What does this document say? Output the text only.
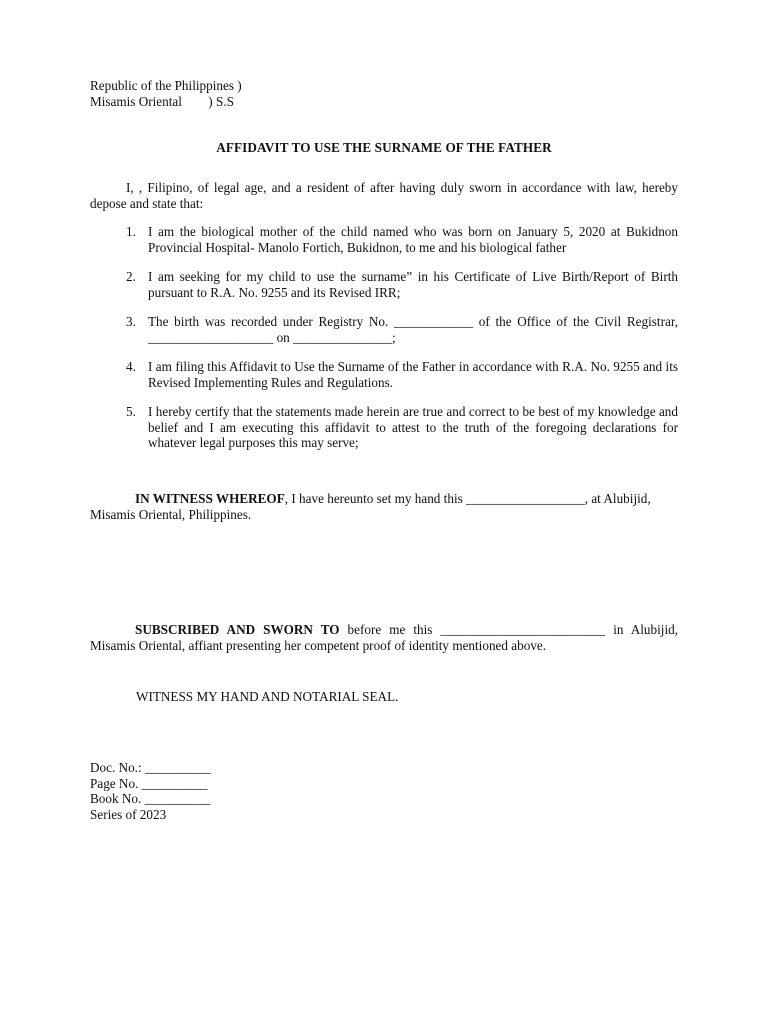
Republic of the Philippines )

Misamis Oriental        ) S.S

AFFIDAVIT TO USE THE SURNAME OF THE FATHER

I, , Filipino, of legal age, and a resident of after having duly sworn in accordance with law, hereby depose and state that:

1. I am the biological mother of the child named who was born on January 5, 2020 at Bukidnon Provincial Hospital- Manolo Fortich, Bukidnon, to me and his biological father
2. I am seeking for my child to use the surname” in his Certificate of Live Birth/Report of Birth pursuant to R.A. No. 9255 and its Revised IRR;
3. The birth was recorded under Registry No. ____________ of the Office of the Civil Registrar, ___________________ on _______________;
4. I am filing this Affidavit to Use the Surname of the Father in accordance with R.A. No. 9255 and its Revised Implementing Rules and Regulations.
5. I hereby certify that the statements made herein are true and correct to be best of my knowledge and belief and I am executing this affidavit to attest to the truth of the foregoing declarations for whatever legal purposes this may serve;

IN WITNESS WHEREOF, I have hereunto set my hand this __________________, at Alubijid, Misamis Oriental, Philippines.

SUBSCRIBED AND SWORN TO before me this _________________________ in Alubijid, Misamis Oriental, affiant presenting her competent proof of identity mentioned above.

WITNESS MY HAND AND NOTARIAL SEAL.

Doc. No.: __________

Page No. __________

Book No. __________

Series of 2023
